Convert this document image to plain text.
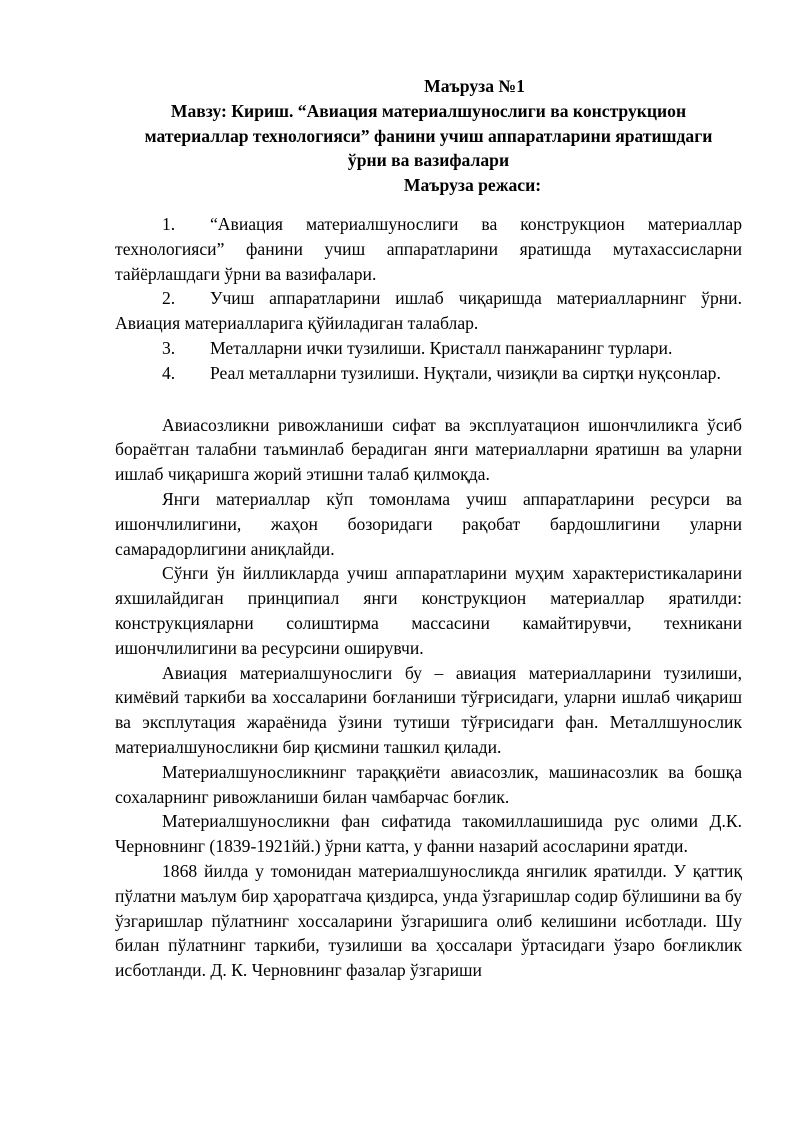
Маъруза №1

Мавзу: Кириш. “Авиация материалшунослиги ва конструкцион

материаллар технологияси” фанини учиш аппаратларини яратишдаги

ўрни ва вазифалари

Маъруза режаси:

1. “Авиация материалшунослиги ва конструкцион материаллар технологияси” фанини учиш аппаратларини яратишда мутахассисларни тайёрлашдаги ўрни ва вазифалари.

2. Учиш аппаратларини ишлаб чиқаришда материалларнинг ўрни. Авиация материалларига қўйиладиган талаблар.

3. Металларни ички тузилиши. Кристалл панжаранинг турлари.

4. Реал металларни тузилиши. Нуқтали, чизиқли ва сиртқи нуқсонлар.

Авиасозликни ривожланиши сифат ва эксплуатацион ишончлиликга ўсиб бораётган талабни таъминлаб берадиган янги материалларни яратишн ва уларни ишлаб чиқаришга жорий этишни талаб қилмоқда.

Янги материаллар кўп томонлама учиш аппаратларини ресурси ва ишончлилигини, жаҳон бозоридаги рақобат бардошлигини уларни самарадорлигини аниқлайди.

Сўнги ўн йилликларда учиш аппаратларини муҳим характеристикаларини яхшилайдиган принципиал янги конструкцион материаллар яратилди: конструкцияларни солиштирма массасини камайтирувчи, техникани ишончлилигини ва ресурсини оширувчи.

Авиация материалшунослиги бу – авиация материалларини тузилиши, кимёвий таркиби ва хоссаларини боғланиши тўғрисидаги, уларни ишлаб чиқариш ва эксплутация жараёнида ўзини тутиши тўғрисидаги фан. Металлшунослик материалшуносликни бир қисмини ташкил қилади.

Материалшуносликнинг тараққиёти авиасозлик, машинасозлик ва бошқа сохаларнинг ривожланиши билан чамбарчас боғлик.

Материалшуносликни фан сифатида такомиллашишида рус олими Д.К. Черновнинг (1839-1921йй.) ўрни катта, у фанни назарий асосларини яратди.

1868 йилда у томонидан материалшуносликда янгилик яратилди. У қаттиқ пўлатни маълум бир ҳароратгача қиздирса, унда ўзгаришлар содир бўлишини ва бу ўзгаришлар пўлатнинг хоссаларини ўзгаришига олиб келишини исботлади. Шу билан пўлатнинг таркиби, тузилиши ва ҳоссалари ўртасидаги ўзаро боғликлик исботланди. Д. К. Черновнинг фазалар ўзгариши
